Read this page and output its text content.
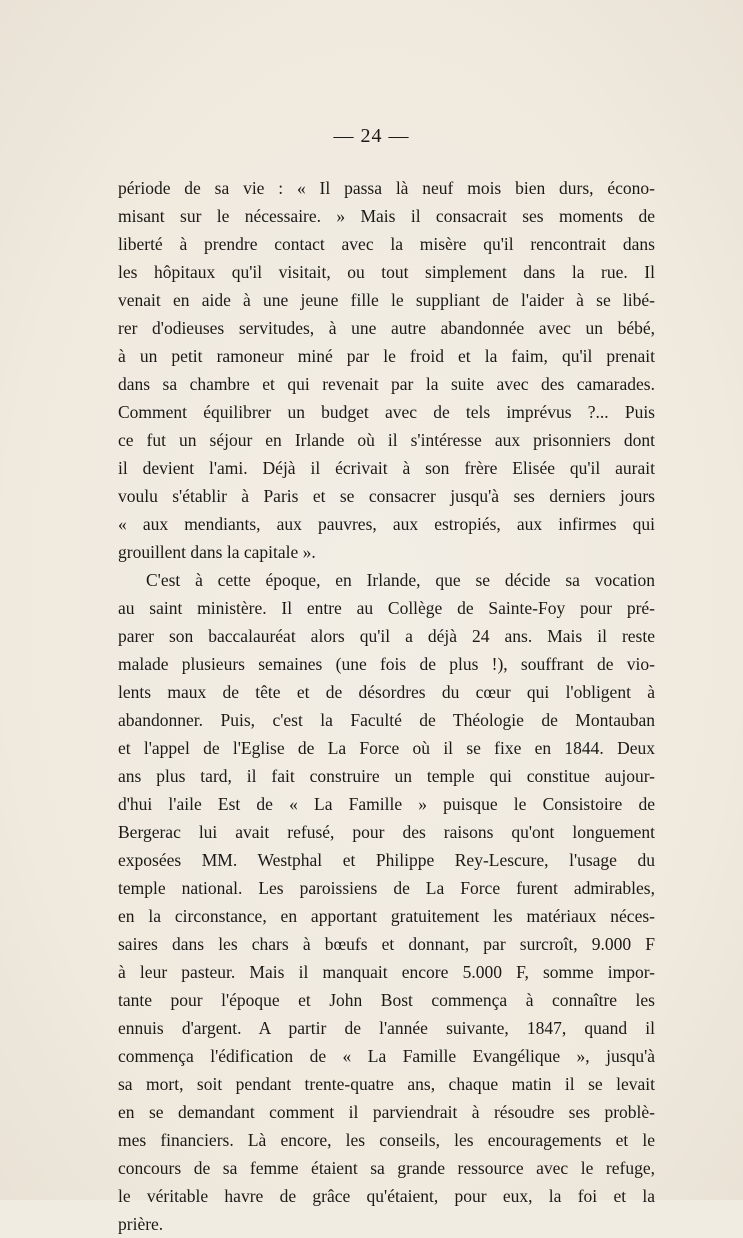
— 24 —
période de sa vie : « Il passa là neuf mois bien durs, écono-
misant sur le nécessaire. » Mais il consacrait ses moments de
liberté à prendre contact avec la misère qu'il rencontrait dans
les hôpitaux qu'il visitait, ou tout simplement dans la rue. Il
venait en aide à une jeune fille le suppliant de l'aider à se libé-
rer d'odieuses servitudes, à une autre abandonnée avec un bébé,
à un petit ramoneur miné par le froid et la faim, qu'il prenait
dans sa chambre et qui revenait par la suite avec des camarades.
Comment équilibrer un budget avec de tels imprévus ?... Puis
ce fut un séjour en Irlande où il s'intéresse aux prisonniers dont
il devient l'ami. Déjà il écrivait à son frère Elisée qu'il aurait
voulu s'établir à Paris et se consacrer jusqu'à ses derniers jours
« aux mendiants, aux pauvres, aux estropiés, aux infirmes qui
grouillent dans la capitale ».
C'est à cette époque, en Irlande, que se décide sa vocation
au saint ministère. Il entre au Collège de Sainte-Foy pour pré-
parer son baccalauréat alors qu'il a déjà 24 ans. Mais il reste
malade plusieurs semaines (une fois de plus !), souffrant de vio-
lents maux de tête et de désordres du cœur qui l'obligent à
abandonner. Puis, c'est la Faculté de Théologie de Montauban
et l'appel de l'Eglise de La Force où il se fixe en 1844. Deux
ans plus tard, il fait construire un temple qui constitue aujour-
d'hui l'aile Est de « La Famille » puisque le Consistoire de
Bergerac lui avait refusé, pour des raisons qu'ont longuement
exposées MM. Westphal et Philippe Rey-Lescure, l'usage du
temple national. Les paroissiens de La Force furent admirables,
en la circonstance, en apportant gratuitement les matériaux néces-
saires dans les chars à bœufs et donnant, par surcroît, 9.000 F
à leur pasteur. Mais il manquait encore 5.000 F, somme impor-
tante pour l'époque et John Bost commença à connaître les
ennuis d'argent. A partir de l'année suivante, 1847, quand il
commença l'édification de « La Famille Evangélique », jusqu'à
sa mort, soit pendant trente-quatre ans, chaque matin il se levait
en se demandant comment il parviendrait à résoudre ses problè-
mes financiers. Là encore, les conseils, les encouragements et le
concours de sa femme étaient sa grande ressource avec le refuge,
le véritable havre de grâce qu'étaient, pour eux, la foi et la
prière.
